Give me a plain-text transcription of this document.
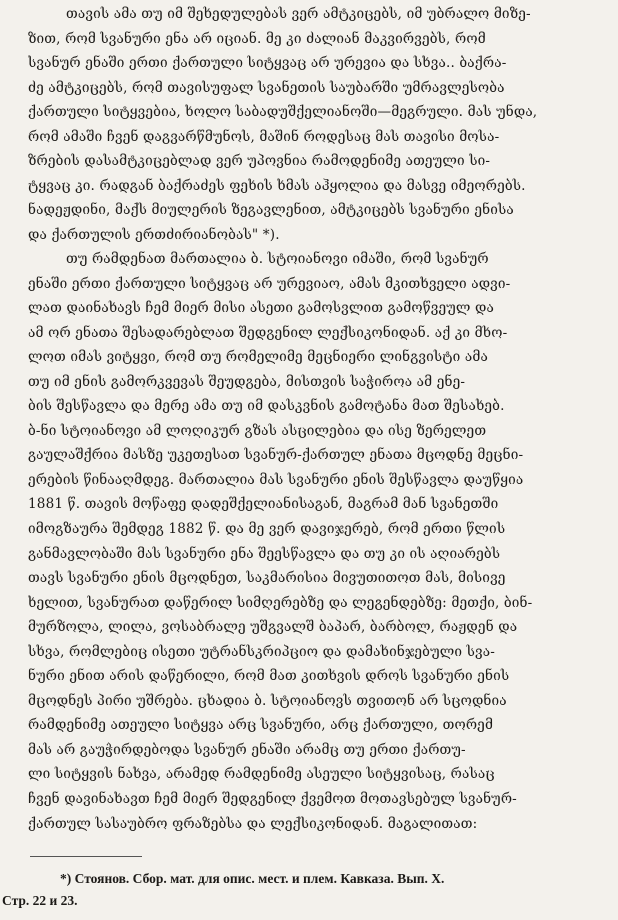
თავის ამა თუ იმ შეხედულებას ვერ ამტკიცებს, იმ უბრალო მიზე-
ზით, რომ სვანური ენა არ იციან. მე კი ძალიან მაკვირვებს, რომ
სვანურ ენაში ერთი ქართული სიტყვაც არ ურევია და სხვა.. ბაქრა-
ძე ამტკიცებს, რომ თავისუფალ სვანეთის საუბარში უმრავლესობა
ქართული სიტყვებია, ხოლო საბადუშქელიანოში—მეგრული. მას უნდა,
რომ ამაში ჩვენ დაგვარწმუნოს, მაშინ როდესაც მას თავისი მოსა-
ზრების დასამტკიცებლად ვერ უპოვნია რამოდენიმე ათეული სი-
ტყვაც კი. რადგან ბაქრაძეს ფეხის ხმას აჰყოლია და მასვე იმეორებს.
ნადეჟდინი, მაქს მიულერის ზეგავლენით, ამტკიცებს სვანური ენისა
და ქართულის ერთძირიანობას" *).
თუ რამდენათ მართალია ბ. სტოიანოვი იმაში, რომ სვანურ
ენაში ერთი ქართული სიტყვაც არ ურევიაო, ამას მკითხველი ადვი-
ლათ დაინახავს ჩემ მიერ მისი ასეთი გამოსვლით გამოწვეულ და
ამ ორ ენათა შესადარებლათ შედგენილ ლექსიკონიდან. აქ კი მხო-
ლოთ იმას ვიტყვი, რომ თუ რომელიმე მეცნიერი ლინგვისტი ამა
თუ იმ ენის გამორკვევას შეუდგება, მისთვის საჭიროა ამ ენე-
ბის შესწავლა და მერე ამა თუ იმ დასკვნის გამოტანა მათ შესახებ.
ბ-ნი სტოიანოვი ამ ლოღიკურ გზას ასცილებია და ისე ზერელეთ
გაულაშქრია მასზე უკეთესათ სვანურ-ქართულ ენათა მცოდნე მეცნი-
ერების წინააღმდეგ. მართალია მას სვანური ენის შესწავლა დაუწყია
1881 წ. თავის მოწაფე დადეშქელიანისაგან, მაგრამ მან სვანეთში
იმოგზაურა შემდეგ 1882 წ. და მე ვერ დავიჯერებ, რომ ერთი წლის
განმავლობაში მას სვანური ენა შეესწავლა და თუ კი ის აღიარებს
თავს სვანური ენის მცოდნეთ, საკმარისია მივუთითოთ მას, მისივე
ხელით, სვანურათ დაწერილ სიმღერებზე და ლეგენდებზე: მეთქი, ბინ-
მურზოლა, ლილა, ვოსაბრალე უშგვალშ ბაპარ, ბარბოლ, რაჟდენ და
სხვა, რომლებიც ისეთი უტრანსკრიპციო და დამახინჯებული სვა-
ნური ენით არის დაწერილი, რომ მათ კითხვის დროს სვანური ენის
მცოდნეს პირი უშრება. ცხადია ბ. სტოიანოვს თვითონ არ სცოდნია
რამდენიმე ათეული სიტყვა არც სვანური, არც ქართული, თორემ
მას არ გაუჭირდებოდა სვანურ ენაში არამც თუ ერთი ქართუ-
ლი სიტყვის ნახვა, არამედ რამდენიმე ასეული სიტყვისაც, რასაც
ჩვენ დავინახავთ ჩემ მიერ შედგენილ ქვემოთ მოთავსებულ სვანურ-
ქართულ სასაუბრო ფრაზებსა და ლექსიკონიდან. მაგალითათ:
*) Стоянов. Сбор. мат. для опис. мест. и плем. Кавказа. Вып. X.
Стр. 22 и 23.
